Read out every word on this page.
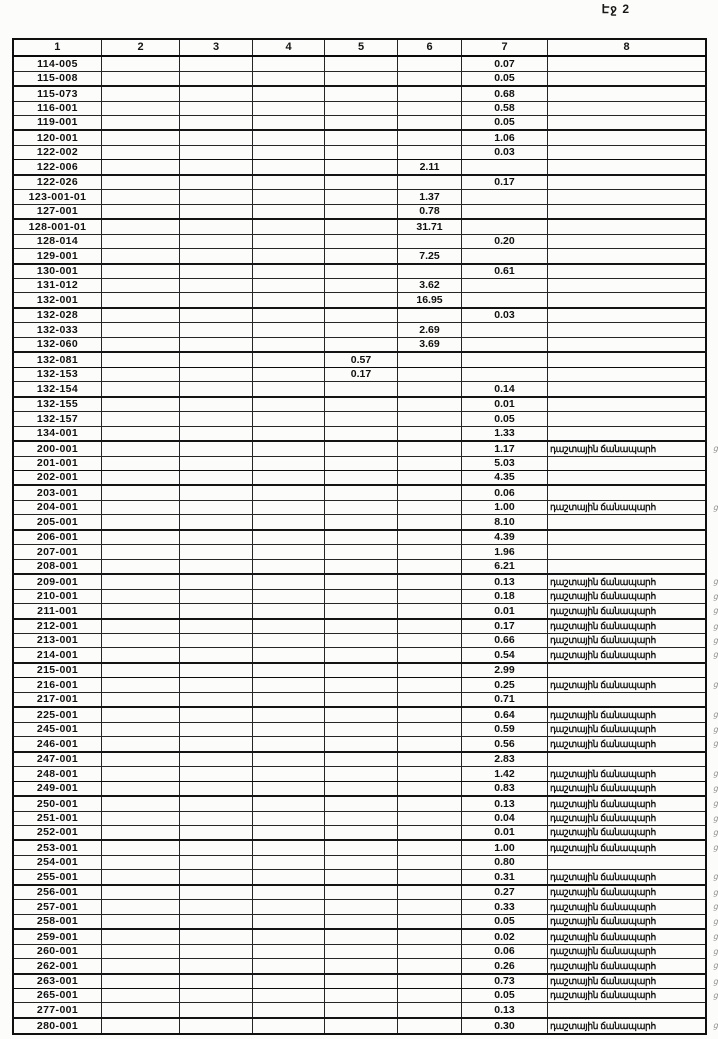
Էջ 2
1	2	3	4	5	6	7	8
114-005						0.07	
115-008						0.05	
115-073						0.68	
116-001						0.58	
119-001						0.05	
120-001						1.06	
122-002						0.03	
122-006					2.11		
122-026						0.17	
123-001-01					1.37		
127-001					0.78		
128-001-01					31.71		
128-014						0.20	
129-001					7.25		
130-001						0.61	
131-012					3.62		
132-001					16.95		
132-028						0.03	
132-033					2.69		
132-060					3.69		
132-081				0.57			
132-153				0.17			
132-154						0.14	
132-155						0.01	
132-157						0.05	
134-001						1.33	
200-001						1.17	դաշտային ճանապարհ ց

201-001						5.03	
202-001						4.35	
203-001						0.06	
204-001						1.00	դաշտային ճանապարհ ց

205-001						8.10	
206-001						4.39	
207-001						1.96	
208-001						6.21	
209-001						0.13	դաշտային ճանապարհ ց

210-001						0.18	դաշտային ճանապարհ ց

211-001						0.01	դաշտային ճանապարհ ց

212-001						0.17	դաշտային ճանապարհ ց

213-001						0.66	դաշտային ճանապարհ ց

214-001						0.54	դաշտային ճանապարհ ց

215-001						2.99	
216-001						0.25	դաշտային ճանապարհ ց

217-001						0.71	
225-001						0.64	դաշտային ճանապարհ ց

245-001						0.59	դաշտային ճանապարհ ց

246-001						0.56	դաշտային ճանապարհ ց

247-001						2.83	
248-001						1.42	դաշտային ճանապարհ ց

249-001						0.83	դաշտային ճանապարհ ց

250-001						0.13	դաշտային ճանապարհ ց

251-001						0.04	դաշտային ճանապարհ ց

252-001						0.01	դաշտային ճանապարհ ց

253-001						1.00	դաշտային ճանապարհ ց

254-001						0.80	
255-001						0.31	դաշտային ճանապարհ ց

256-001						0.27	դաշտային ճանապարհ ց

257-001						0.33	դաշտային ճանապարհ ց

258-001						0.05	դաշտային ճանապարհ ց

259-001						0.02	դաշտային ճանապարհ ց

260-001						0.06	դաշտային ճանապարհ ց

262-001						0.26	դաշտային ճանապարհ ց

263-001						0.73	դաշտային ճանապարհ ց

265-001						0.05	դաշտային ճանապարհ ց

277-001						0.13	
280-001						0.30	դաշտային ճանապարհ ց
